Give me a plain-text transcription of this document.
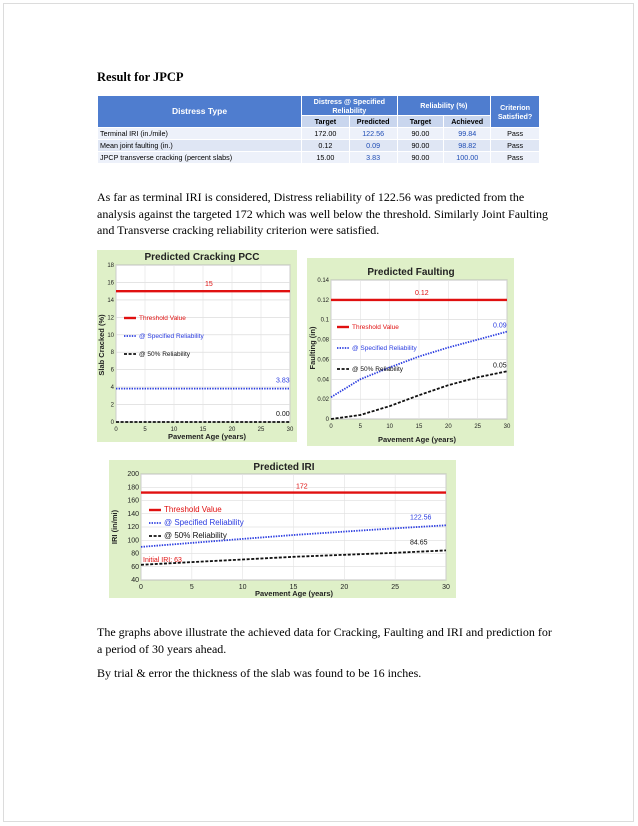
Result for JPCP
Distress Type	Distress @ Specified Reliability		Reliability (%)		Criterion Satisfied?
	Target	Predicted	Target	Achieved	
Terminal IRI (in./mile)	172.00	122.56	90.00	99.84	Pass
Mean joint faulting (in.)	0.12	0.09	90.00	98.82	Pass
JPCP transverse cracking (percent slabs)	15.00	3.83	90.00	100.00	Pass

As far as terminal IRI is considered, Distress reliability of 122.56 was predicted from the analysis against the targeted 172 which was well below the threshold. Similarly Joint Faulting and Transverse cracking reliability criterion were satisfied.

0
2
4
6
8
10
12
14
16
18
0	5	10	15	20	25	30
Predicted Cracking PCC
Pavement Age (years)
Slab Cracked (%)	Threshold Value
@ Specified Reliability
@ 50% Reliability
15
3.83
0.00
0
0.02
0.04
0.06
0.08
0.1
0.12
0.14
0	5	10	15	20	25	30
Predicted Faulting
Pavement Age (years)
Faulting (in)	Threshold Value
@ Specified Reliability
@ 50% Reliability
0.12
0.09
0.05
40
60
80
100
120
140
160
180
200
0	5	10	15	20	25	30
Predicted IRI
Pavement Age (years)
IRI (in/mi)
Threshold Value
@ Specified Reliability
@ 50% Reliability
172
122.56
84.65
Initial IRI: 63

The graphs above illustrate the achieved data for Cracking, Faulting and IRI and prediction for a period of 30 years ahead.

By trial & error the thickness of the slab was found to be 16 inches.
